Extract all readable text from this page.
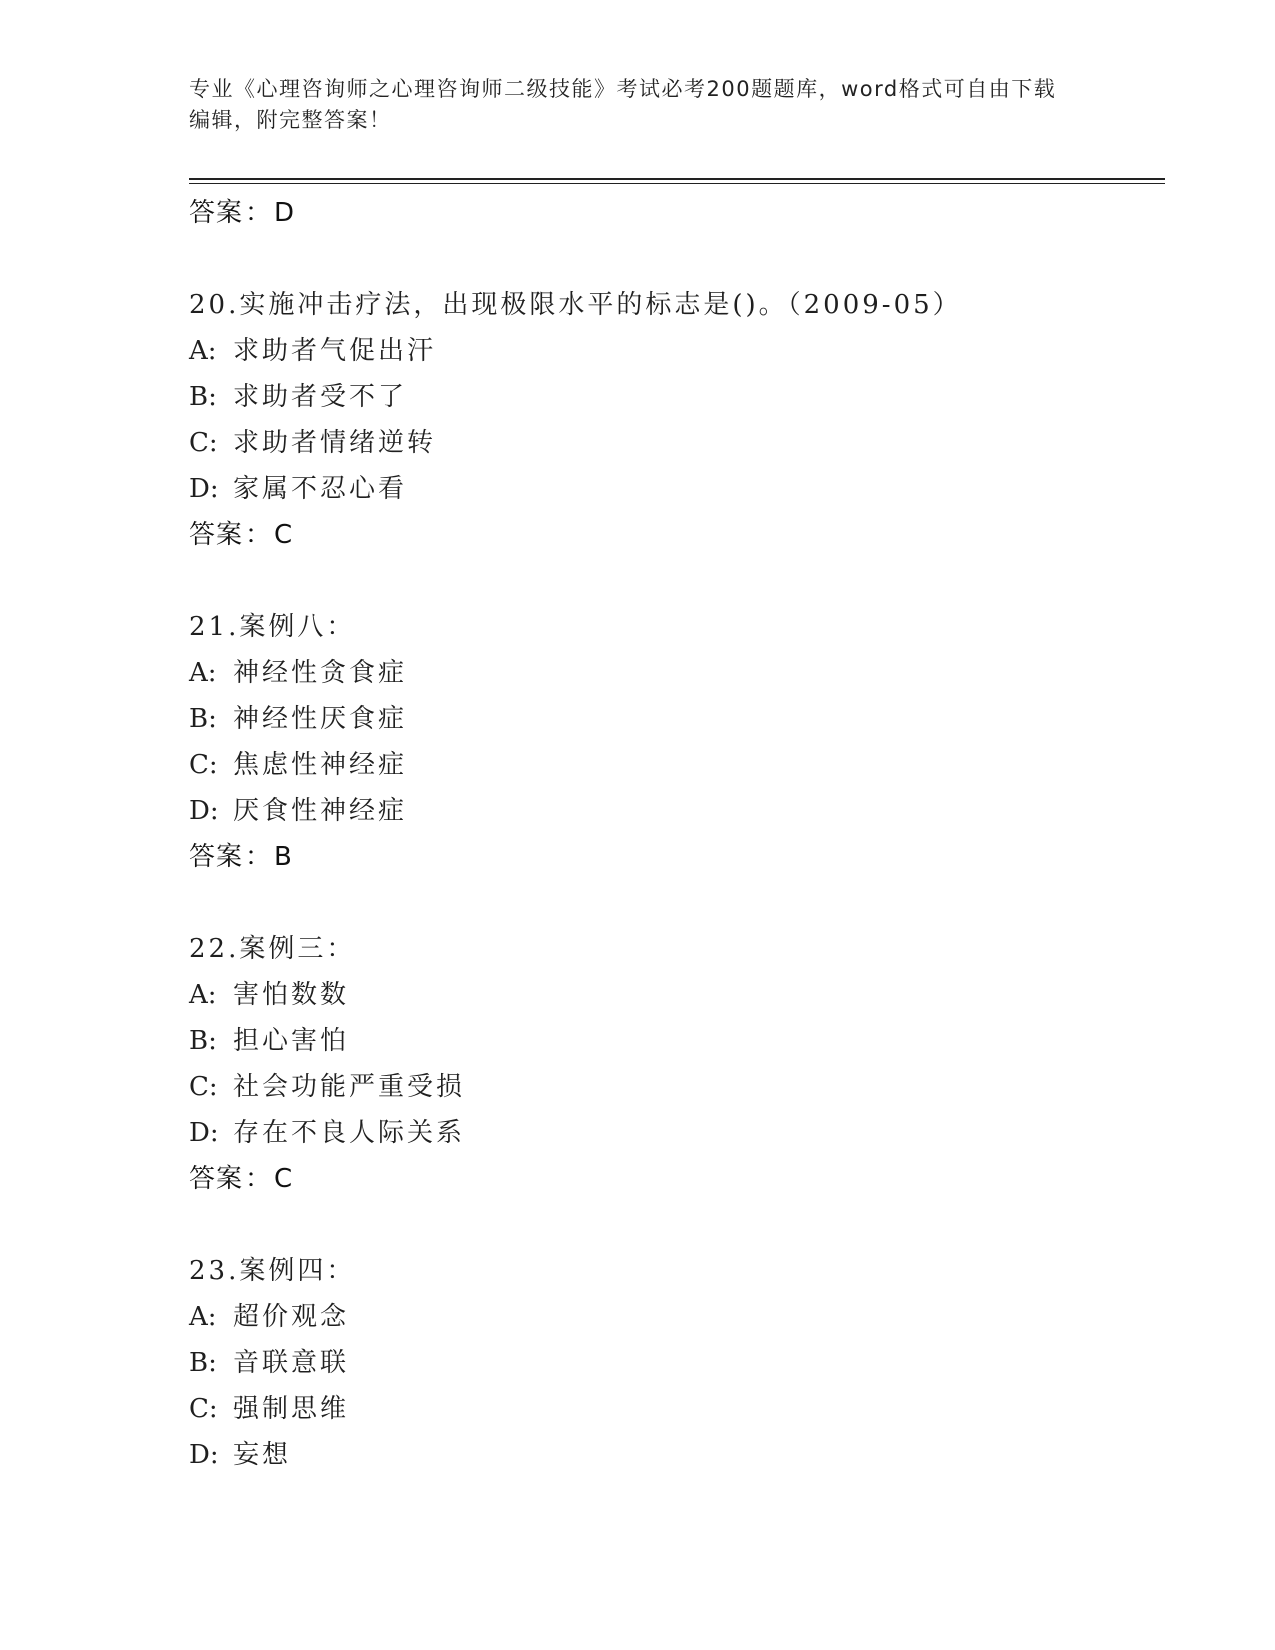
专业《心理咨询师之心理咨询师二级技能》考试必考200题题库，word格式可自由下载编辑，附完整答案！
答案：D
20.实施冲击疗法，出现极限水平的标志是()。（2009-05）
A: 求助者气促出汗
B: 求助者受不了
C: 求助者情绪逆转
D: 家属不忍心看
答案：C
21.案例八：
A: 神经性贪食症
B: 神经性厌食症
C: 焦虑性神经症
D: 厌食性神经症
答案：B
22.案例三：
A: 害怕数数
B: 担心害怕
C: 社会功能严重受损
D: 存在不良人际关系
答案：C
23.案例四：
A: 超价观念
B: 音联意联
C: 强制思维
D: 妄想
